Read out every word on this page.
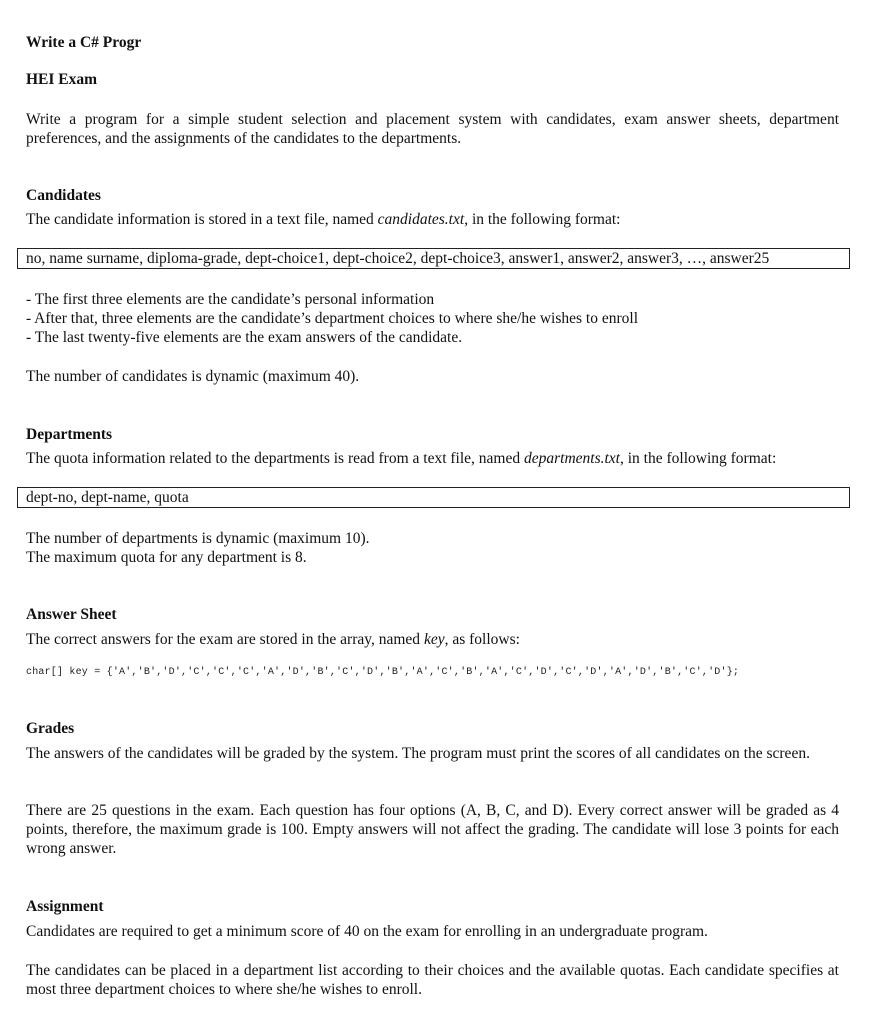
Write a C# Progr

HEI Exam

Write a program for a simple student selection and placement system with candidates, exam answer sheets, department preferences, and the assignments of the candidates to the departments.

Candidates

The candidate information is stored in a text file, named candidates.txt, in the following format:

no, name surname, diploma-grade, dept-choice1, dept-choice2, dept-choice3, answer1, answer2, answer3, …, answer25

- The first three elements are the candidate’s personal information

- After that, three elements are the candidate’s department choices to where she/he wishes to enroll

- The last twenty-five elements are the exam answers of the candidate.

The number of candidates is dynamic (maximum 40).

Departments

The quota information related to the departments is read from a text file, named departments.txt, in the following format:

dept-no, dept-name, quota

The number of departments is dynamic (maximum 10).

The maximum quota for any department is 8.

Answer Sheet

The correct answers for the exam are stored in the array, named key, as follows:

char[] key = {'A','B','D','C','C','C','A','D','B','C','D','B','A','C','B','A','C','D','C','D','A','D','B','C','D'};

Grades

The answers of the candidates will be graded by the system. The program must print the scores of all candidates on the screen.

There are 25 questions in the exam. Each question has four options (A, B, C, and D). Every correct answer will be graded as 4 points, therefore, the maximum grade is 100. Empty answers will not affect the grading. The candidate will lose 3 points for each wrong answer.

Assignment

Candidates are required to get a minimum score of 40 on the exam for enrolling in an undergraduate program.

The candidates can be placed in a department list according to their choices and the available quotas. Each candidate specifies at most three department choices to where she/he wishes to enroll.
